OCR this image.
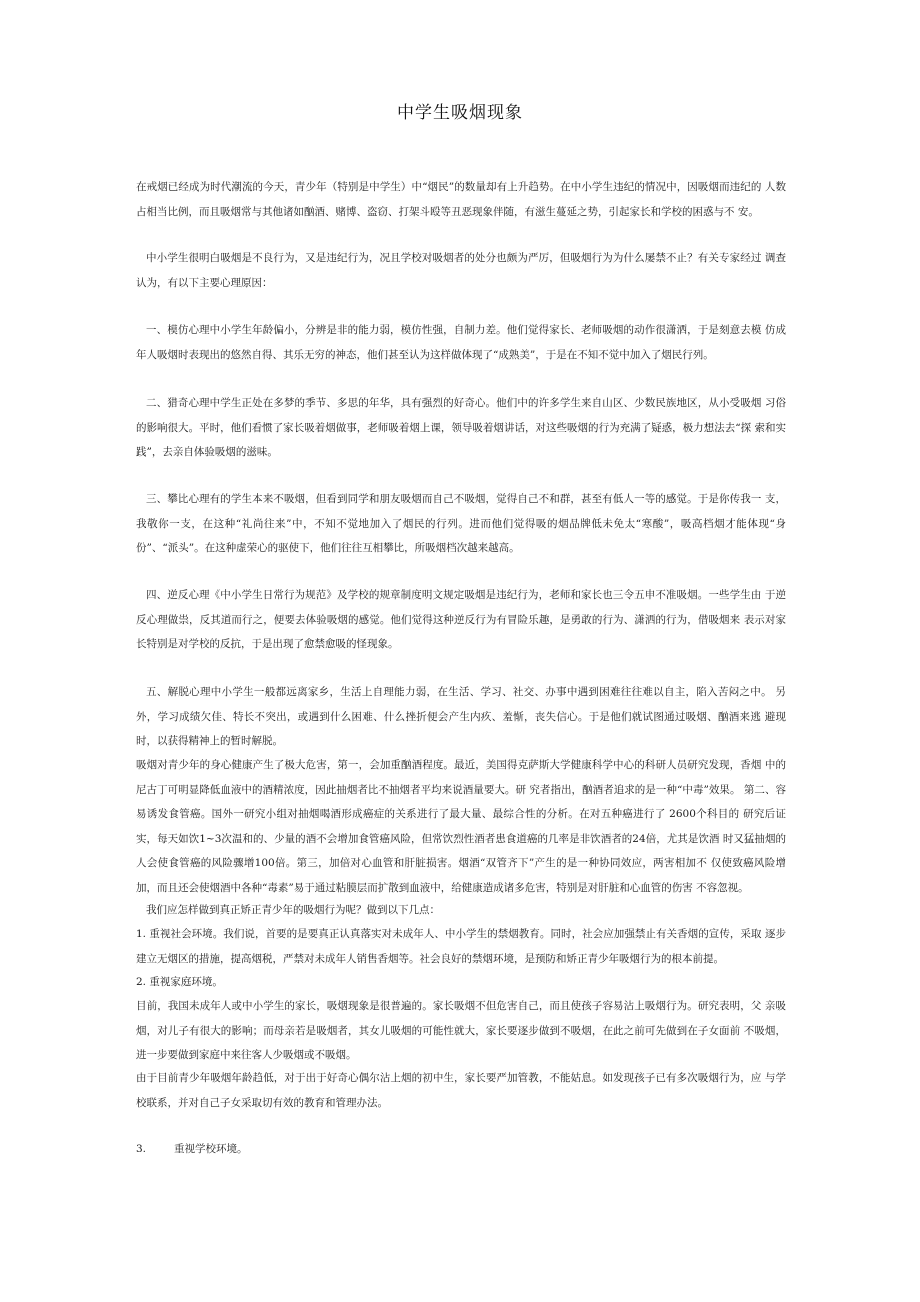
中学生吸烟现象

在戒烟已经成为时代潮流的今天，青少年（特别是中学生）中“烟民”的数量却有上升趋势。在中小学生违纪的情况中，因吸烟而违纪的 人数占相当比例，而且吸烟常与其他诸如酗酒、赌博、盗窃、打架斗殴等丑恶现象伴随，有滋生蔓延之势，引起家长和学校的困惑与不 安。

中小学生很明白吸烟是不良行为，又是违纪行为，况且学校对吸烟者的处分也颇为严厉，但吸烟行为为什么屡禁不止？有关专家经过 调查认为，有以下主要心理原因：

一、模仿心理中小学生年龄偏小，分辨是非的能力弱，模仿性强，自制力差。他们觉得家长、老师吸烟的动作很潇洒，于是刻意去模 仿成年人吸烟时表现出的悠然自得、其乐无穷的神态，他们甚至认为这样做体现了“成熟美”，于是在不知不觉中加入了烟民行列。

二、猎奇心理中学生正处在多梦的季节、多思的年华，具有强烈的好奇心。他们中的许多学生来自山区、少数民族地区，从小受吸烟 习俗的影响很大。平时，他们看惯了家长吸着烟做事，老师吸着烟上课，领导吸着烟讲话，对这些吸烟的行为充满了疑惑，极力想法去“探 索和实践”，去亲自体验吸烟的滋味。

三、攀比心理有的学生本来不吸烟，但看到同学和朋友吸烟而自己不吸烟，觉得自己不和群，甚至有低人一等的感觉。于是你传我一 支，我敬你一支，在这种“礼尚往来”中，不知不觉地加入了烟民的行列。进而他们觉得吸的烟品牌低未免太“寒酸”，吸高档烟才能体现“身 份”、“派头”。在这种虚荣心的驱使下，他们往往互相攀比，所吸烟档次越来越高。

四、逆反心理《中小学生日常行为规范》及学校的规章制度明文规定吸烟是违纪行为，老师和家长也三令五申不准吸烟。一些学生由 于逆反心理做祟，反其道而行之，便要去体验吸烟的感觉。他们觉得这种逆反行为有冒险乐趣，是勇敢的行为、潇洒的行为，借吸烟来 表示对家长特别是对学校的反抗，于是出现了愈禁愈吸的怪现象。

五、解脱心理中小学生一般都远离家乡，生活上自理能力弱，在生活、学习、社交、办事中遇到困难往往难以自主，陷入苦闷之中。 另外，学习成绩欠佳、特长不突出，或遇到什么困难、什么挫折便会产生内疚、羞惭，丧失信心。于是他们就试图通过吸烟、酗酒来逃 避现时，以获得精神上的暂时解脱。

吸烟对青少年的身心健康产生了极大危害，第一，会加重酗酒程度。最近，美国得克萨斯大学健康科学中心的科研人员研究发现，香烟 中的尼古丁可明显降低血液中的酒精浓度，因此抽烟者比不抽烟者平均来说酒量要大。研 究者指出，酗酒者追求的是一种“中毒”效果。 第二、容易诱发食管癌。国外一研究小组对抽烟喝酒形成癌症的关系进行了最大量、最综合性的分析。在对五种癌进行了 2600个科目的 研究后证实，每天如饮1~3次温和的、少量的酒不会增加食管癌风险，但常饮烈性酒者患食道癌的几率是非饮酒者的24倍，尤其是饮酒 时又猛抽烟的人会使食管癌的风险骤增100倍。第三，加倍对心血管和肝脏损害。烟酒“双管齐下”产生的是一种协同效应，两害相加不 仅使致癌风险增加，而且还会使烟酒中各种“毒素”易于通过粘膜层而扩散到血液中，给健康造成诸多危害，特别是对肝脏和心血管的伤害 不容忽视。

我们应怎样做到真正矫正青少年的吸烟行为呢？做到以下几点：

1. 重视社会环境。我们说，首要的是要真正认真落实对未成年人、中小学生的禁烟教育。同时，社会应加强禁止有关香烟的宣传，采取 逐步建立无烟区的措施，提高烟税，严禁对未成年人销售香烟等。社会良好的禁烟环境，是预防和矫正青少年吸烟行为的根本前提。

2. 重视家庭环境。

目前，我国未成年人或中小学生的家长，吸烟现象是很普遍的。家长吸烟不但危害自己，而且使孩子容易沾上吸烟行为。研究表明，父 亲吸烟，对儿子有很大的影响；而母亲若是吸烟者，其女儿吸烟的可能性就大，家长要逐步做到不吸烟，在此之前可先做到在子女面前 不吸烟，进一步要做到家庭中来往客人少吸烟或不吸烟。

由于目前青少年吸烟年龄趋低，对于出于好奇心偶尔沾上烟的初中生，家长要严加管教，不能姑息。如发现孩子已有多次吸烟行为，应 与学校联系，并对自己子女采取切有效的教育和管理办法。

3.	重视学校环境。
